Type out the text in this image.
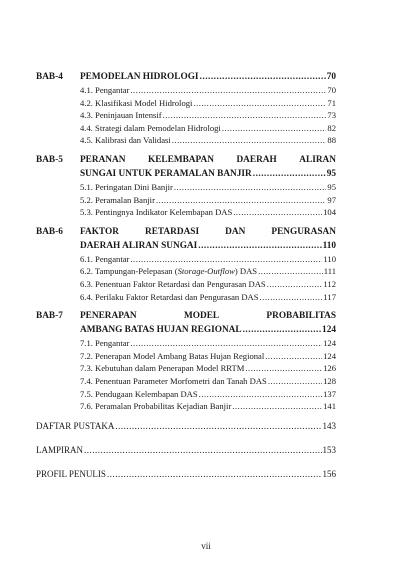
BAB-4	PEMODELAN HIDROLOGI .....	70
4.1. Pengantar .....	70
4.2. Klasifikasi Model Hidrologi .....	71
4.3. Peninjauan Intensif .....	73
4.4. Strategi dalam Pemodelan Hidrologi .....	82
4.5. Kalibrasi dan Validasi .....	88
BAB-5	PERANAN KELEMBAPAN DAERAH ALIRAN
SUNGAI UNTUK PERAMALAN BANJIR .....	95
5.1. Peringatan Dini Banjir .....	95
5.2. Peramalan Banjir .....	97
5.3. Pentingnya Indikator Kelembapan DAS .....	104
BAB-6	FAKTOR	RETARDASI	DAN	PENGURASAN
DAERAH ALIRAN SUNGAI .....	110
6.1. Pengantar .....	110
6.2. Tampungan-Pelepasan (Storage-Outflow) DAS .....	111
6.3. Penentuan Faktor Retardasi dan Pengurasan DAS .....	112
6.4. Perilaku Faktor Retardasi dan Pengurasan DAS .....	117
BAB-7	PENERAPAN	MODEL	PROBABILITAS
AMBANG BATAS HUJAN REGIONAL .....	124
7.1. Pengantar .....	124
7.2. Penerapan Model Ambang Batas Hujan Regional .....	124
7.3. Kebutuhan dalam Penerapan Model RRTM .....	126
7.4. Penentuan Parameter Morfometri dan Tanah DAS .....	128
7.5. Pendugaan Kelembapan DAS .....	137
7.6. Peramalan Probabilitas Kejadian Banjir .....	141
DAFTAR PUSTAKA .....	143
LAMPIRAN .....	153
PROFIL PENULIS .....	156
vii
